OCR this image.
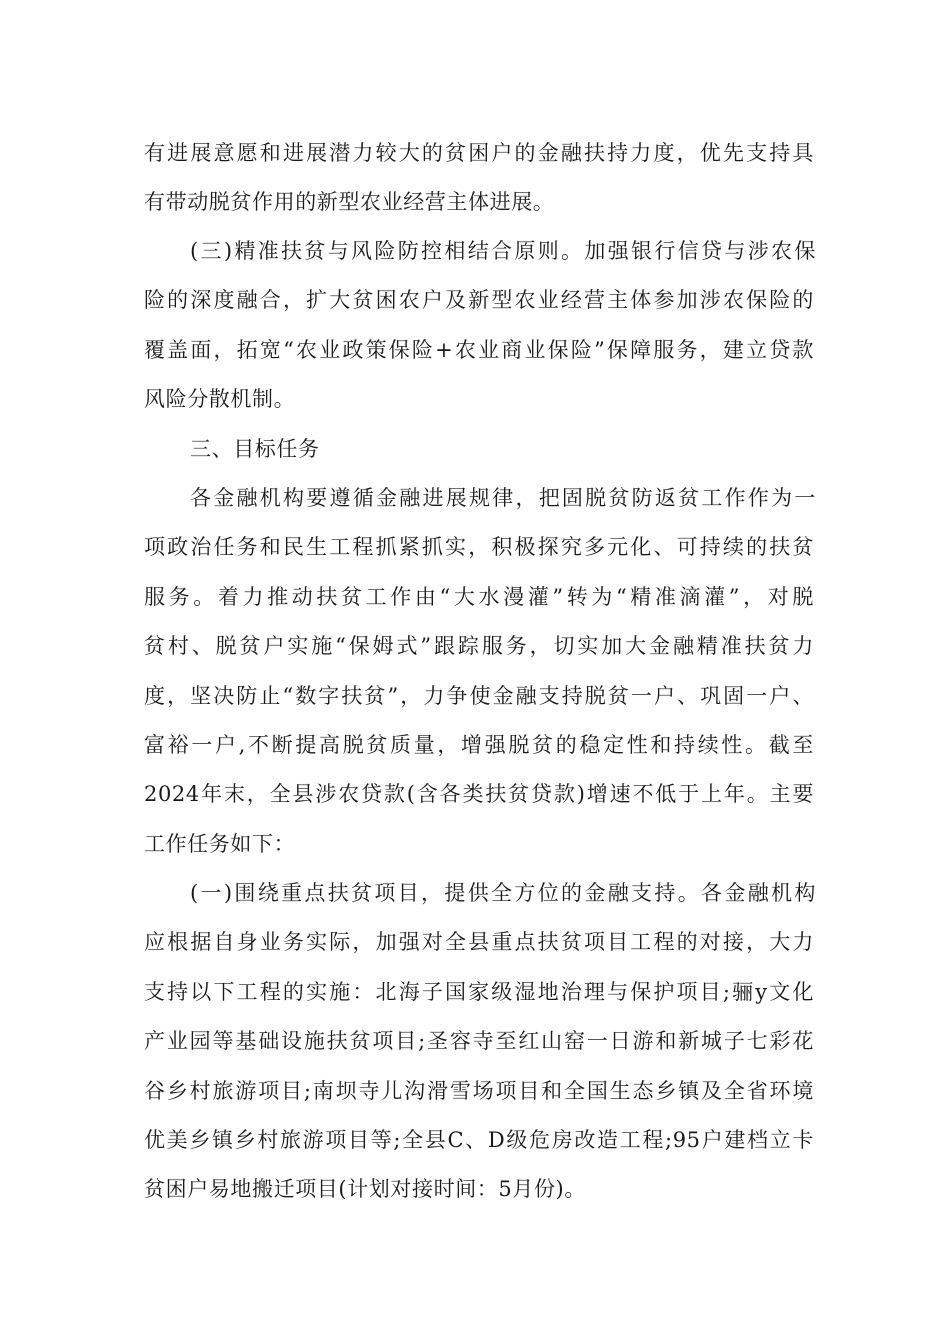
有进展意愿和进展潜力较大的贫困户的金融扶持力度，优先支持具
有带动脱贫作用的新型农业经营主体进展。
(三)精准扶贫与风险防控相结合原则。加强银行信贷与涉农保
险的深度融合，扩大贫困农户及新型农业经营主体参加涉农保险的
覆盖面，拓宽“农业政策保险+农业商业保险”保障服务，建立贷款
风险分散机制。
三、目标任务
各金融机构要遵循金融进展规律，把固脱贫防返贫工作作为一
项政治任务和民生工程抓紧抓实，积极探究多元化、可持续的扶贫
服务。着力推动扶贫工作由“大水漫灌”转为“精准滴灌”，对脱
贫村、脱贫户实施“保姆式”跟踪服务，切实加大金融精准扶贫力
度，坚决防止“数字扶贫”，力争使金融支持脱贫一户、巩固一户、
富裕一户,不断提高脱贫质量，增强脱贫的稳定性和持续性。截至
2024年末，全县涉农贷款(含各类扶贫贷款)增速不低于上年。主要
工作任务如下：
(一)围绕重点扶贫项目，提供全方位的金融支持。各金融机构
应根据自身业务实际，加强对全县重点扶贫项目工程的对接，大力
支持以下工程的实施：北海子国家级湿地治理与保护项目;骊y文化
产业园等基础设施扶贫项目;圣容寺至红山窑一日游和新城子七彩花
谷乡村旅游项目;南坝寺儿沟滑雪场项目和全国生态乡镇及全省环境
优美乡镇乡村旅游项目等;全县C、D级危房改造工程;95户建档立卡
贫困户易地搬迁项目(计划对接时间：5月份)。
